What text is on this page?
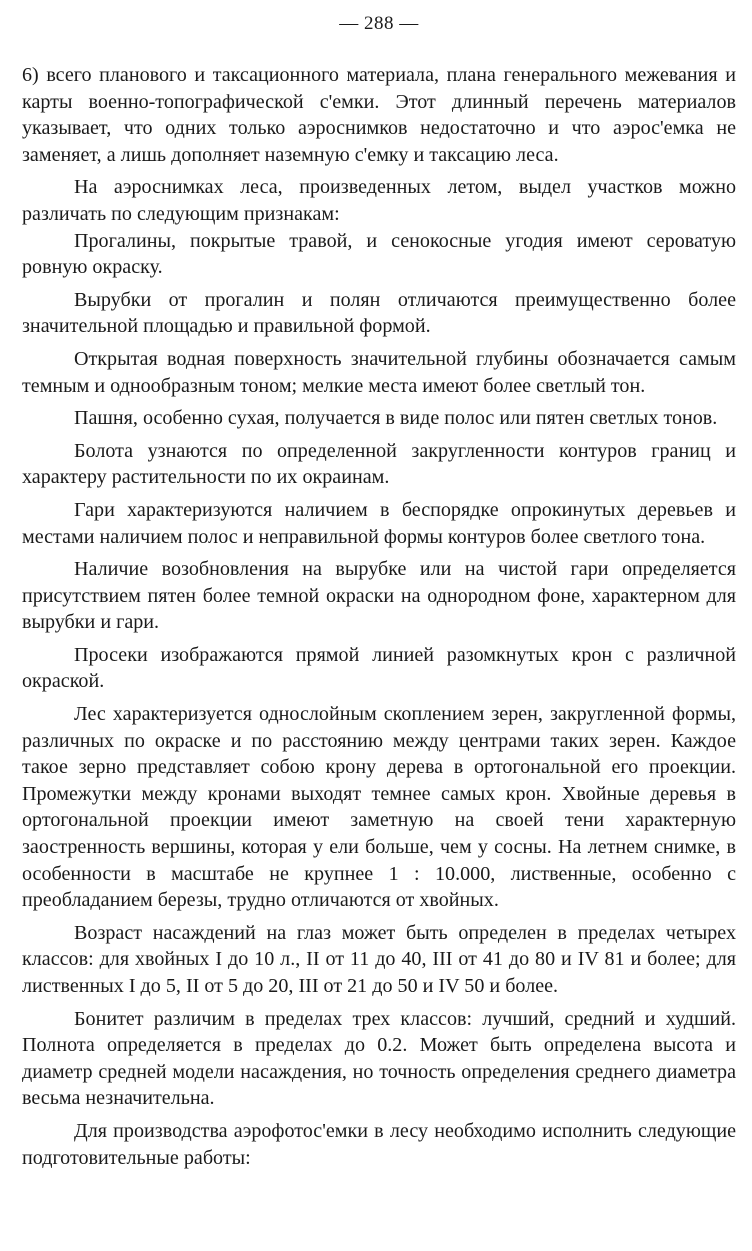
— 288 —

6) всего планового и таксационного материала, плана генерального межевания и карты военно-топографической с'емки. Этот длинный перечень материалов указывает, что одних только аэроснимков недостаточно и что аэрос'емка не заменяет, а лишь дополняет наземную с'емку и таксацию леса.

На аэроснимках леса, произведенных летом, выдел участков можно различать по следующим признакам:

Прогалины, покрытые травой, и сенокосные угодия имеют сероватую ровную окраску.

Вырубки от прогалин и полян отличаются преимущественно более значительной площадью и правильной формой.

Открытая водная поверхность значительной глубины обозначается самым темным и однообразным тоном; мелкие места имеют более светлый тон.

Пашня, особенно сухая, получается в виде полос или пятен светлых тонов.

Болота узнаются по определенной закругленности контуров границ и характеру растительности по их окраинам.

Гари характеризуются наличием в беспорядке опрокинутых деревьев и местами наличием полос и неправильной формы контуров более светлого тона.

Наличие возобновления на вырубке или на чистой гари определяется присутствием пятен более темной окраски на однородном фоне, характерном для вырубки и гари.

Просеки изображаются прямой линией разомкнутых крон с различной окраской.

Лес характеризуется однослойным скоплением зерен, закругленной формы, различных по окраске и по расстоянию между центрами таких зерен. Каждое такое зерно представляет собою крону дерева в ортогональной его проекции. Промежутки между кронами выходят темнее самых крон. Хвойные деревья в ортогональной проекции имеют заметную на своей тени характерную заостренность вершины, которая у ели больше, чем у сосны. На летнем снимке, в особенности в масштабе не крупнее 1 : 10.000, лиственные, особенно с преобладанием березы, трудно отличаются от хвойных.

Возраст насаждений на глаз может быть определен в пределах четырех классов: для хвойных I до 10 л., II от 11 до 40, III от 41 до 80 и IV 81 и более; для лиственных I до 5, II от 5 до 20, III от 21 до 50 и IV 50 и более.

Бонитет различим в пределах трех классов: лучший, средний и худший. Полнота определяется в пределах до 0.2. Может быть определена высота и диаметр средней модели насаждения, но точность определения среднего диаметра весьма незначительна.

Для производства аэрофотос'емки в лесу необходимо исполнить следующие подготовительные работы:
